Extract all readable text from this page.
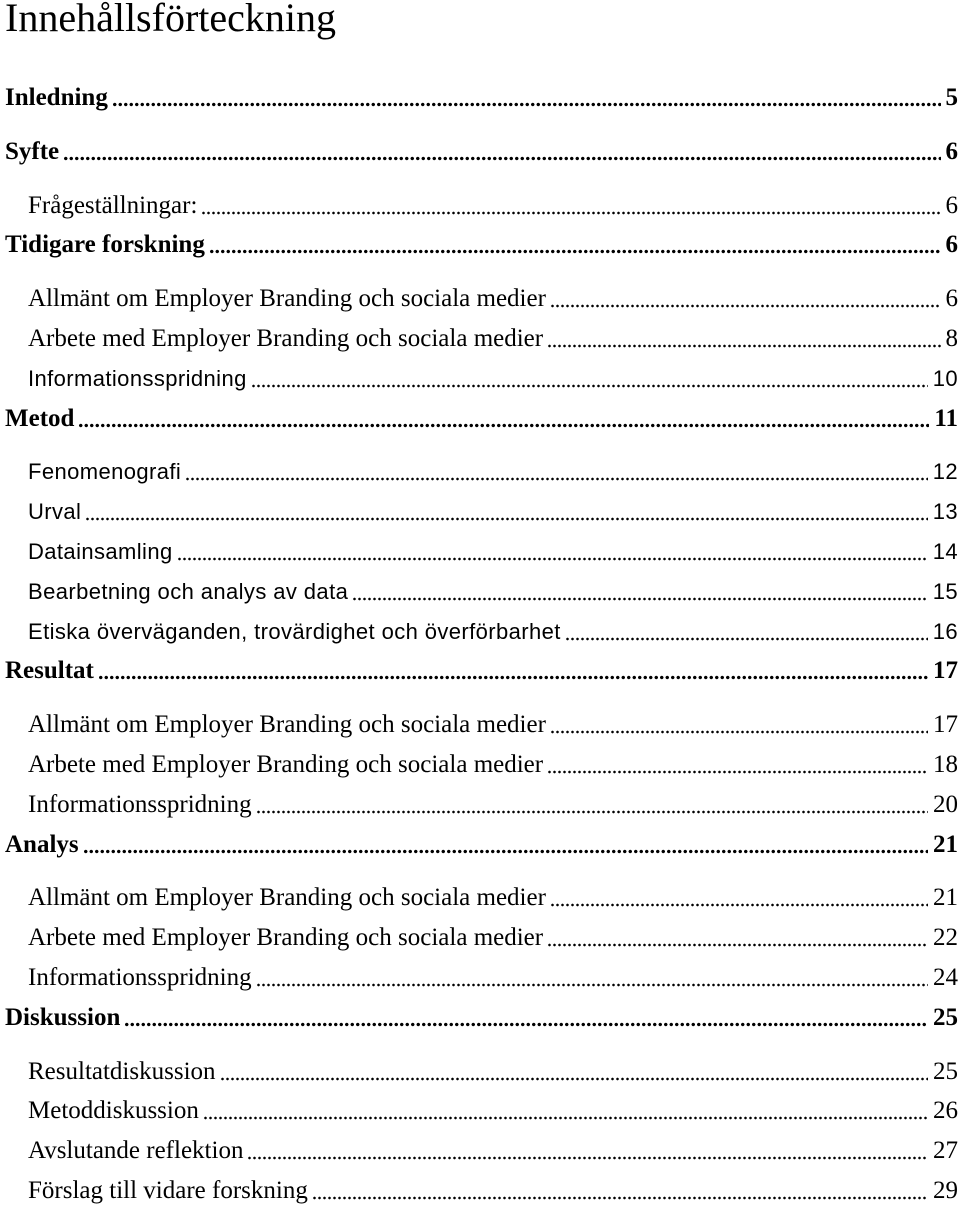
Innehållsförteckning
Inledning	5
Syfte	6
Frågeställningar:	6
Tidigare forskning	6
Allmänt om Employer Branding och sociala medier	6
Arbete med Employer Branding och sociala medier	8
Informationsspridning	10
Metod	11
Fenomenografi	12
Urval	13
Datainsamling	14
Bearbetning och analys av data	15
Etiska överväganden, trovärdighet och överförbarhet	16
Resultat	17
Allmänt om Employer Branding och sociala medier	17
Arbete med Employer Branding och sociala medier	18
Informationsspridning	20
Analys	21
Allmänt om Employer Branding och sociala medier	21
Arbete med Employer Branding och sociala medier	22
Informationsspridning	24
Diskussion	25
Resultatdiskussion	25
Metoddiskussion	26
Avslutande reflektion	27
Förslag till vidare forskning	29
